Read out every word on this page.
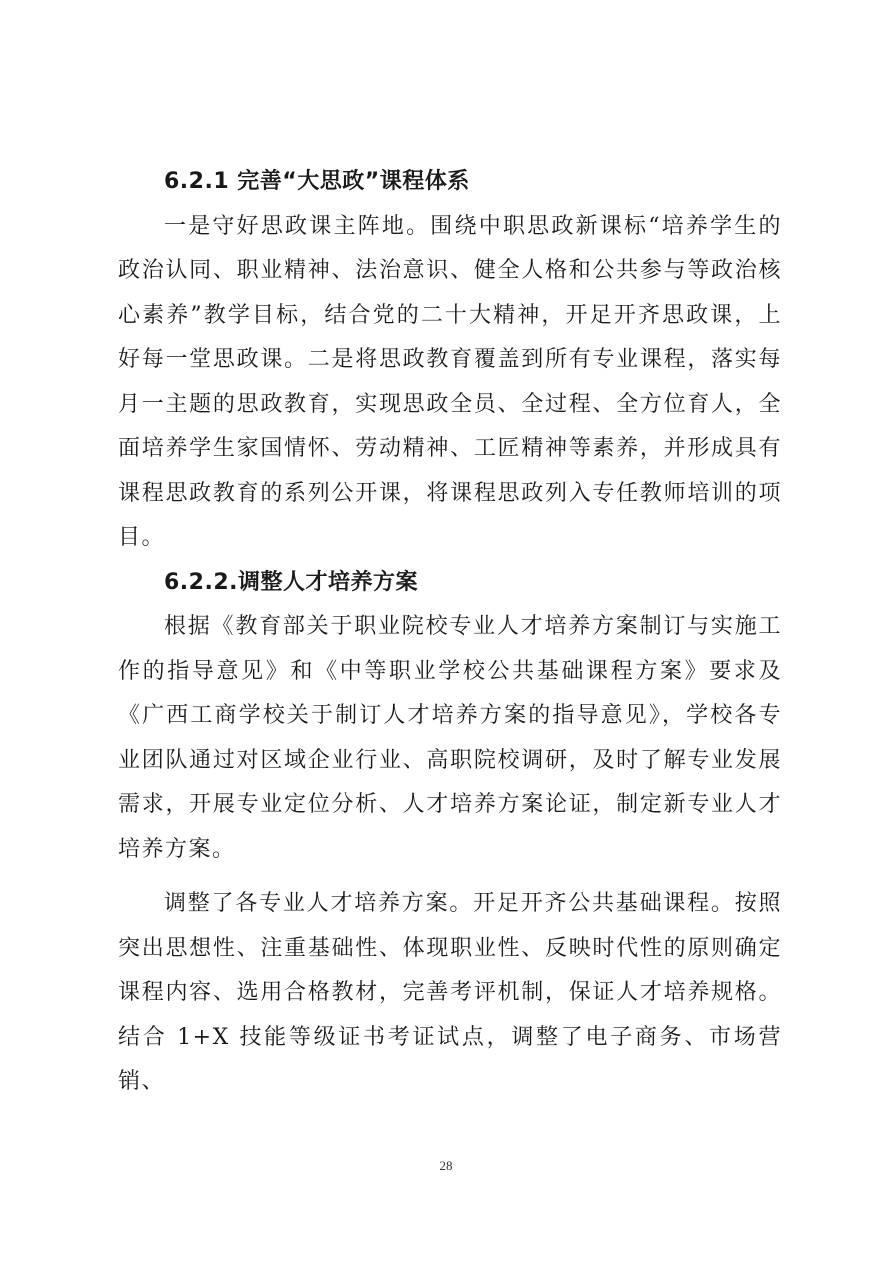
6.2.1 完善“大思政”课程体系

一是守好思政课主阵地。围绕中职思政新课标“培养学生的政治认同、职业精神、法治意识、健全人格和公共参与等政治核心素养”教学目标，结合党的二十大精神，开足开齐思政课，上好每一堂思政课。二是将思政教育覆盖到所有专业课程，落实每月一主题的思政教育，实现思政全员、全过程、全方位育人，全面培养学生家国情怀、劳动精神、工匠精神等素养，并形成具有课程思政教育的系列公开课，将课程思政列入专任教师培训的项目。

6.2.2.调整人才培养方案

根据《教育部关于职业院校专业人才培养方案制订与实施工作的指导意见》和《中等职业学校公共基础课程方案》要求及《广西工商学校关于制订人才培养方案的指导意见》，学校各专业团队通过对区域企业行业、高职院校调研，及时了解专业发展需求，开展专业定位分析、人才培养方案论证，制定新专业人才培养方案。

调整了各专业人才培养方案。开足开齐公共基础课程。按照突出思想性、注重基础性、体现职业性、反映时代性的原则确定课程内容、选用合格教材，完善考评机制，保证人才培养规格。结合 1+X 技能等级证书考证试点，调整了电子商务、市场营销、

28
